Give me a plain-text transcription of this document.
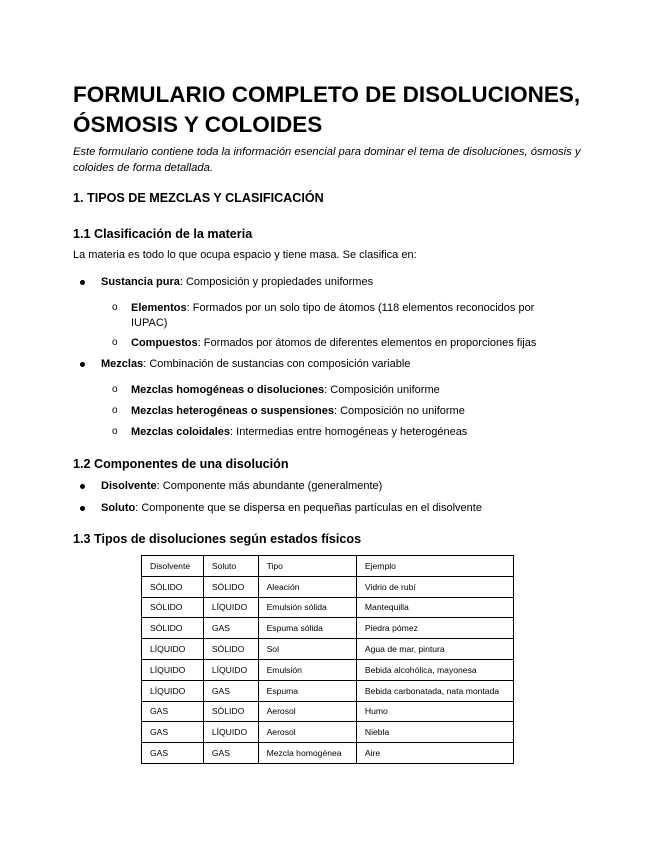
FORMULARIO COMPLETO DE DISOLUCIONES, ÓSMOSIS Y COLOIDES

Este formulario contiene toda la información esencial para dominar el tema de disoluciones, ósmosis y coloides de forma detallada.

1. TIPOS DE MEZCLAS Y CLASIFICACIÓN
1.1 Clasificación de la materia

La materia es todo lo que ocupa espacio y tiene masa. Se clasifica en:

Sustancia pura: Composición y propiedades uniformes

o Elementos: Formados por un solo tipo de átomos (118 elementos reconocidos por IUPAC)

o Compuestos: Formados por átomos de diferentes elementos en proporciones fijas

Mezclas: Combinación de sustancias con composición variable

o Mezclas homogéneas o disoluciones: Composición uniforme

o Mezclas heterogéneas o suspensiones: Composición no uniforme

o Mezclas coloidales: Intermedias entre homogéneas y heterogéneas

1.2 Componentes de una disolución

Disolvente: Componente más abundante (generalmente)

Soluto: Componente que se dispersa en pequeñas partículas en el disolvente

1.3 Tipos de disoluciones según estados físicos
Disolvente	Soluto	Tipo	Ejemplo
SÓLIDO	SÓLIDO	Aleación	Vidrio de rubí
SÓLIDO	LÍQUIDO	Emulsión sólida	Mantequilla
SÓLIDO	GAS	Espuma sólida	Piedra pómez
LÍQUIDO	SÓLIDO	Sol	Agua de mar, pintura
LÍQUIDO	LÍQUIDO	Emulsión	Bebida alcohólica, mayonesa
LÍQUIDO	GAS	Espuma	Bebida carbonatada, nata montada
GAS	SÓLIDO	Aerosol	Humo
GAS	LÍQUIDO	Aerosol	Niebla
GAS	GAS	Mezcla homogénea	Aire
